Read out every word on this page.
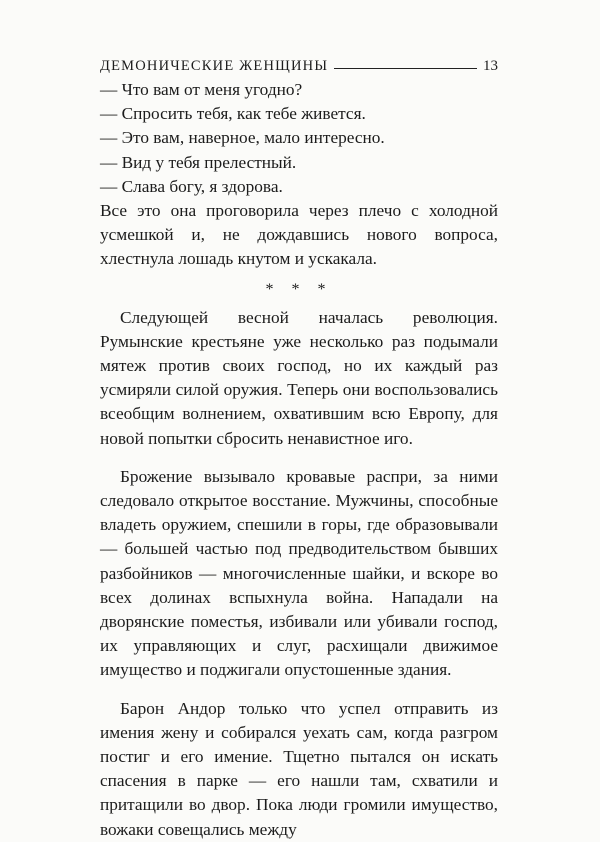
ДЕМОНИЧЕСКИЕ ЖЕНЩИНЫ	13

— Что вам от меня угодно?

— Спросить тебя, как тебе живется.

— Это вам, наверное, мало интересно.

— Вид у тебя прелестный.

— Слава богу, я здорова.

Все это она проговорила через плечо с холодной усмешкой и, не дождавшись нового вопроса, хлестнула лошадь кнутом и ускакала.

* * *

Следующей весной началась революция. Румынские крестьяне уже несколько раз подымали мятеж против своих господ, но их каждый раз усмиряли силой оружия. Теперь они воспользовались всеобщим волнением, охватившим всю Европу, для новой попытки сбросить ненавистное иго.

Брожение вызывало кровавые распри, за ними следовало открытое восстание. Мужчины, способные владеть оружием, спешили в горы, где образовывали — большей частью под предводительством бывших разбойников — многочисленные шайки, и вскоре во всех долинах вспыхнула война. Нападали на дворянские поместья, избивали или убивали господ, их управляющих и слуг, расхищали движимое имущество и поджигали опустошенные здания.

Барон Андор только что успел отправить из имения жену и собирался уехать сам, когда разгром постиг и его имение. Тщетно пытался он искать спасения в парке — его нашли там, схватили и притащили во двор. Пока люди громили имущество, вожаки совещались между
